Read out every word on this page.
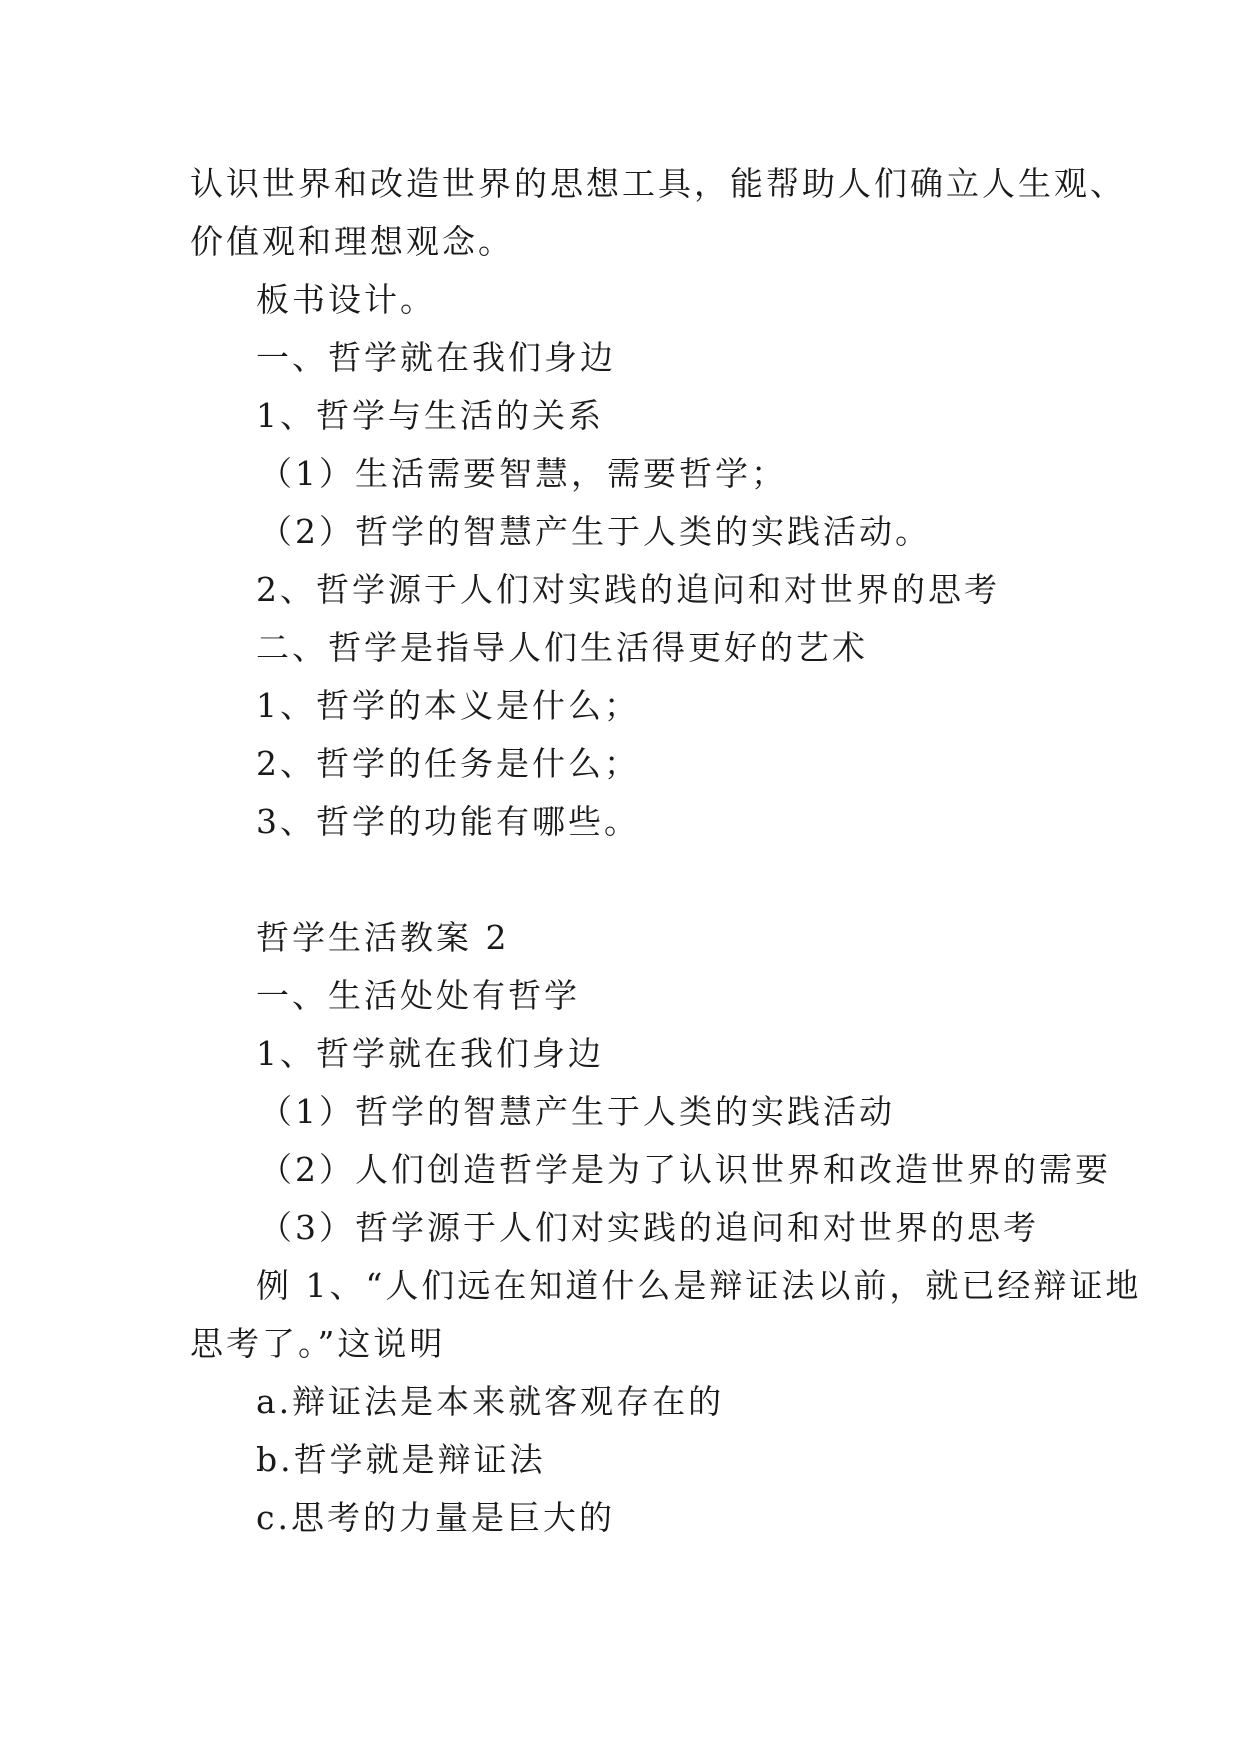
认识世界和改造世界的思想工具，能帮助人们确立人生观、
价值观和理想观念。
板书设计。
一、哲学就在我们身边
1、哲学与生活的关系
（1）生活需要智慧，需要哲学；
（2）哲学的智慧产生于人类的实践活动。
2、哲学源于人们对实践的追问和对世界的思考
二、哲学是指导人们生活得更好的艺术
1、哲学的本义是什么；
2、哲学的任务是什么；
3、哲学的功能有哪些。
哲学生活教案 2
一、生活处处有哲学
1、哲学就在我们身边
（1）哲学的智慧产生于人类的实践活动
（2）人们创造哲学是为了认识世界和改造世界的需要
（3）哲学源于人们对实践的追问和对世界的思考
例 1、“人们远在知道什么是辩证法以前，就已经辩证地
思考了。”这说明
a.辩证法是本来就客观存在的
b.哲学就是辩证法
c.思考的力量是巨大的
